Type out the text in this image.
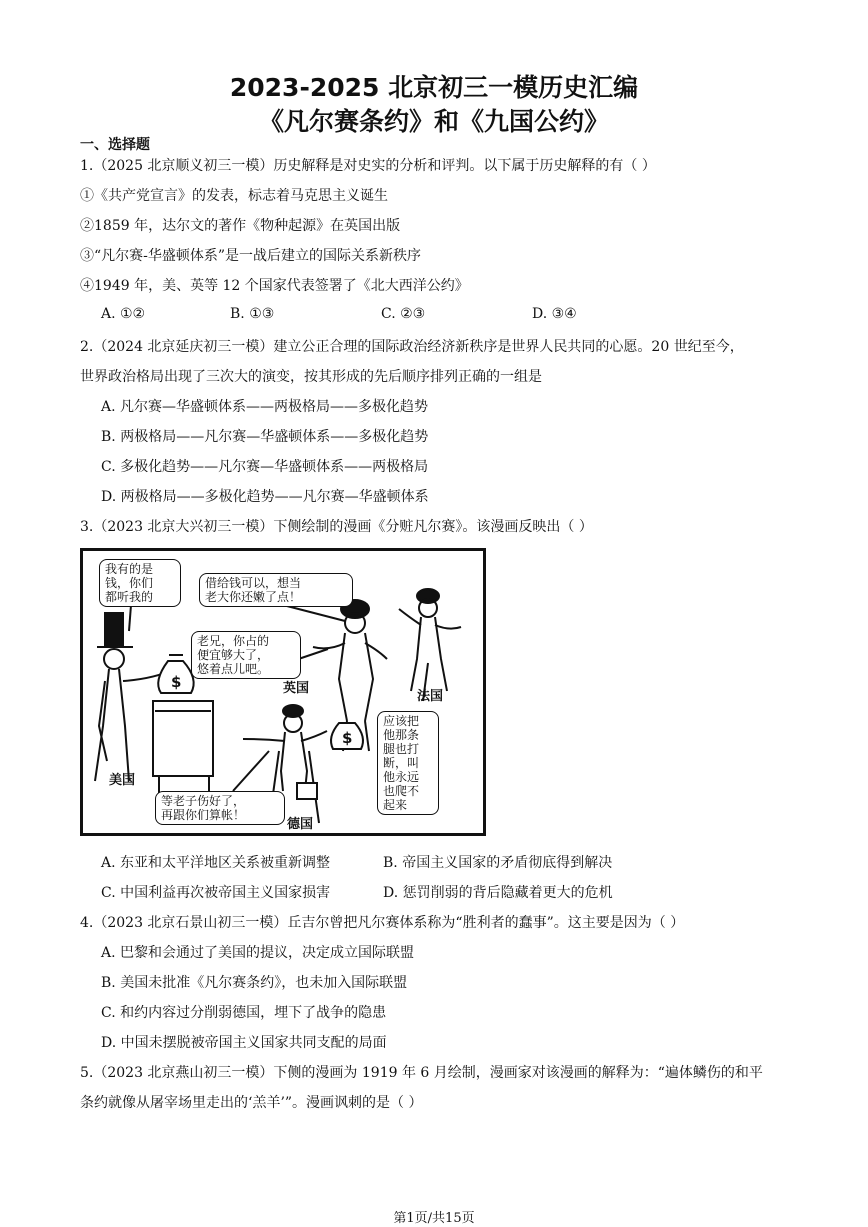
2023-2025 北京初三一模历史汇编
《凡尔赛条约》和《九国公约》
一、选择题
1.（2025 北京顺义初三一模）历史解释是对史实的分析和评判。以下属于历史解释的有（ ）
①《共产党宣言》的发表，标志着马克思主义诞生
②1859 年，达尔文的著作《物种起源》在英国出版
③“凡尔赛-华盛顿体系”是一战后建立的国际关系新秩序
④1949 年，美、英等 12 个国家代表签署了《北大西洋公约》
A. ①②	B. ①③	C. ②③	D. ③④
2.（2024 北京延庆初三一模）建立公正合理的国际政治经济新秩序是世界人民共同的心愿。20 世纪至今，
世界政治格局出现了三次大的演变，按其形成的先后顺序排列正确的一组是
A. 凡尔赛—华盛顿体系——两极格局——多极化趋势
B. 两极格局——凡尔赛—华盛顿体系——多极化趋势
C. 多极化趋势——凡尔赛—华盛顿体系——两极格局
D. 两极格局——多极化趋势——凡尔赛—华盛顿体系
3.（2023 北京大兴初三一模）下侧绘制的漫画《分赃凡尔赛》。该漫画反映出（ ）
我有的是
钱，你们
都听我的
借给钱可以，想当
老大你还嫩了点！
老兄，你占的
便宜够大了，
悠着点儿吧。
应该把
他那条
腿也打
断，叫
他永远
也爬不
起来
等老子伤好了，
再跟你们算帐！
英国
法国
美国
德国
$
$
A. 东亚和太平洋地区关系被重新调整	B. 帝国主义国家的矛盾彻底得到解决
C. 中国利益再次被帝国主义国家损害	D. 惩罚削弱的背后隐藏着更大的危机
4.（2023 北京石景山初三一模）丘吉尔曾把凡尔赛体系称为“胜利者的蠢事”。这主要是因为（ ）
A. 巴黎和会通过了美国的提议，决定成立国际联盟
B. 美国未批准《凡尔赛条约》，也未加入国际联盟
C. 和约内容过分削弱德国，埋下了战争的隐患
D. 中国未摆脱被帝国主义国家共同支配的局面
5.（2023 北京燕山初三一模）下侧的漫画为 1919 年 6 月绘制，漫画家对该漫画的解释为：“遍体鳞伤的和平
条约就像从屠宰场里走出的‘羔羊’”。漫画讽刺的是（ ）
第1页/共15页
